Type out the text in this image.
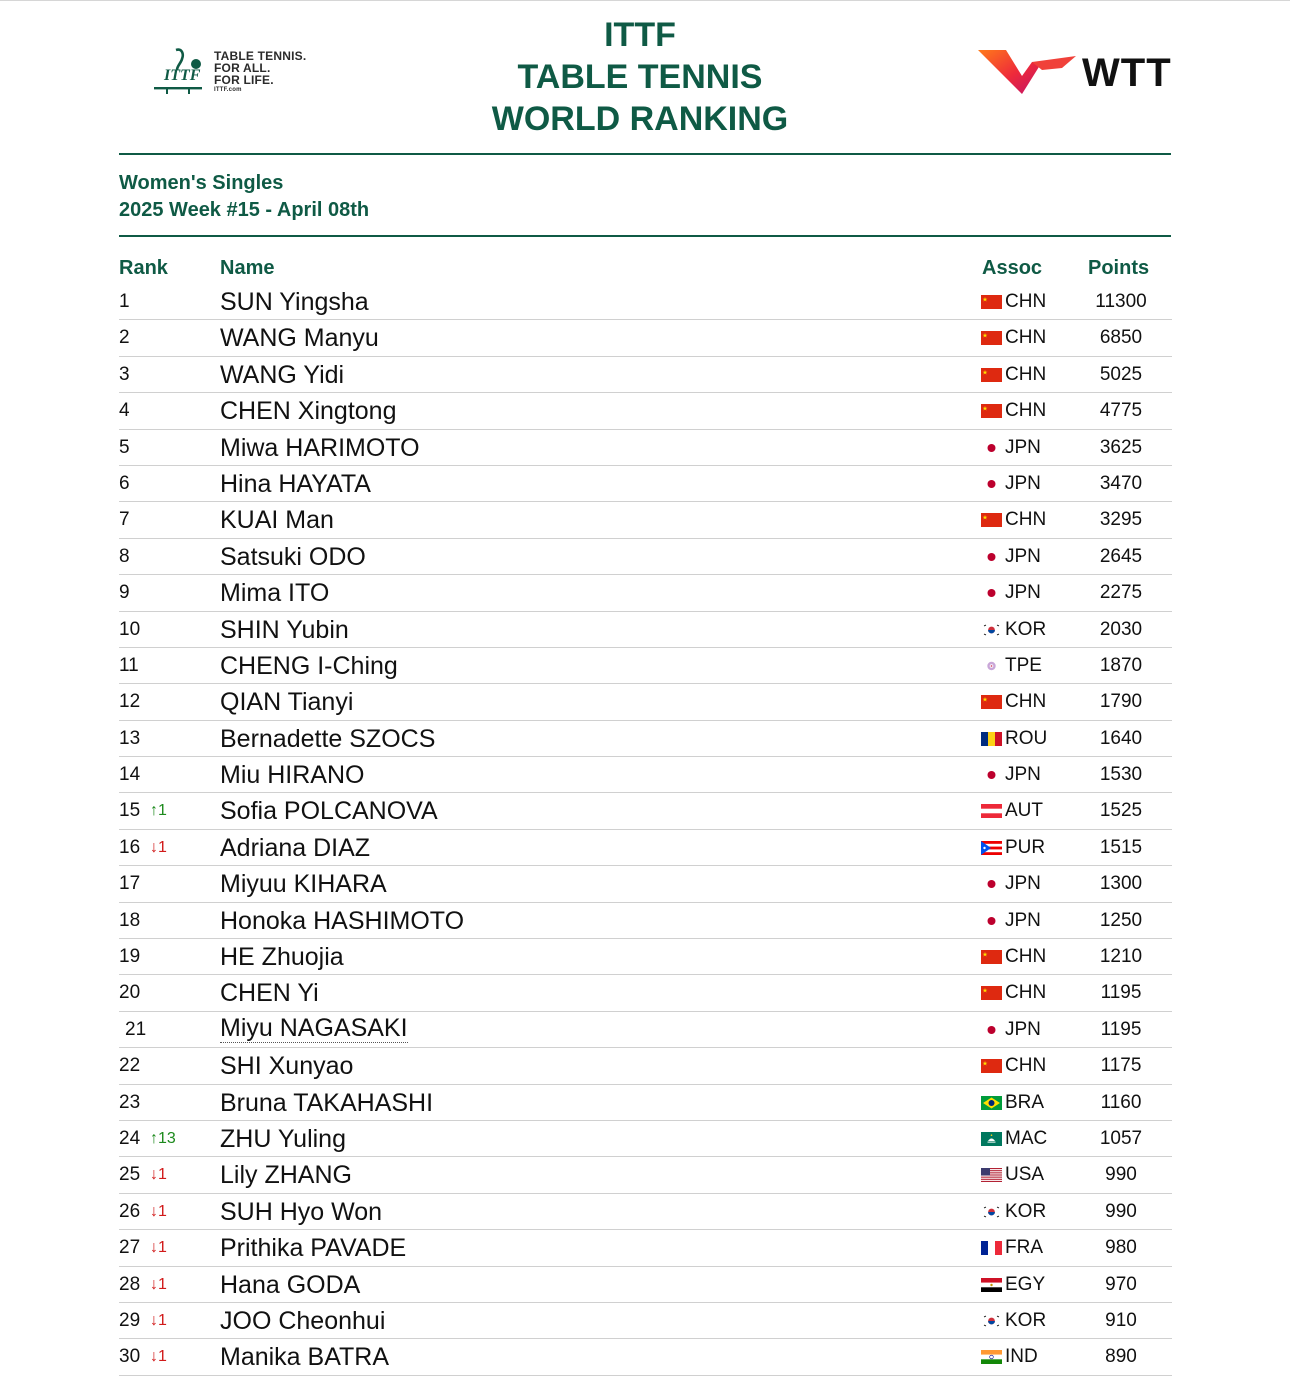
ITTF
TABLE TENNIS.
FOR ALL.
FOR LIFE.
ITTF.com
ITTF
TABLE TENNIS
WORLD RANKING
WTT
Women's Singles
2025 Week #15 - April 08th
Rank	Name	Assoc Points
1	SUN Yingsha	CHN	11300
2	WANG Manyu	CHN	6850
3	WANG Yidi	CHN	5025
4	CHEN Xingtong	CHN	4775
5	Miwa HARIMOTO	JPN	3625
6	Hina HAYATA	JPN	3470
7	KUAI Man	CHN	3295
8	Satsuki ODO	JPN	2645
9	Mima ITO	JPN	2275
10	SHIN Yubin	KOR	2030
11	CHENG I-Ching	TPE	1870
12	QIAN Tianyi	CHN	1790
13	Bernadette SZOCS	ROU	1640
14	Miu HIRANO	JPN	1530
15 ↑1 Sofia POLCANOVA	AUT	1525
16 ↓1 Adriana DIAZ	PUR	1515
17	Miyuu KIHARA	JPN	1300
18	Honoka HASHIMOTO	JPN	1250
19	HE Zhuojia	CHN	1210
20	CHEN Yi	CHN	1195
21	Miyu NAGASAKI	JPN	1195
22	SHI Xunyao	CHN	1175
23	Bruna TAKAHASHI	BRA	1160
24 ↑13 ZHU Yuling	MAC	1057
25 ↓1 Lily ZHANG	USA	990
26 ↓1 SUH Hyo Won	KOR	990
27 ↓1 Prithika PAVADE	FRA	980
28 ↓1 Hana GODA	EGY	970
29 ↓1 JOO Cheonhui	KOR	910
30 ↓1 Manika BATRA	IND	890
